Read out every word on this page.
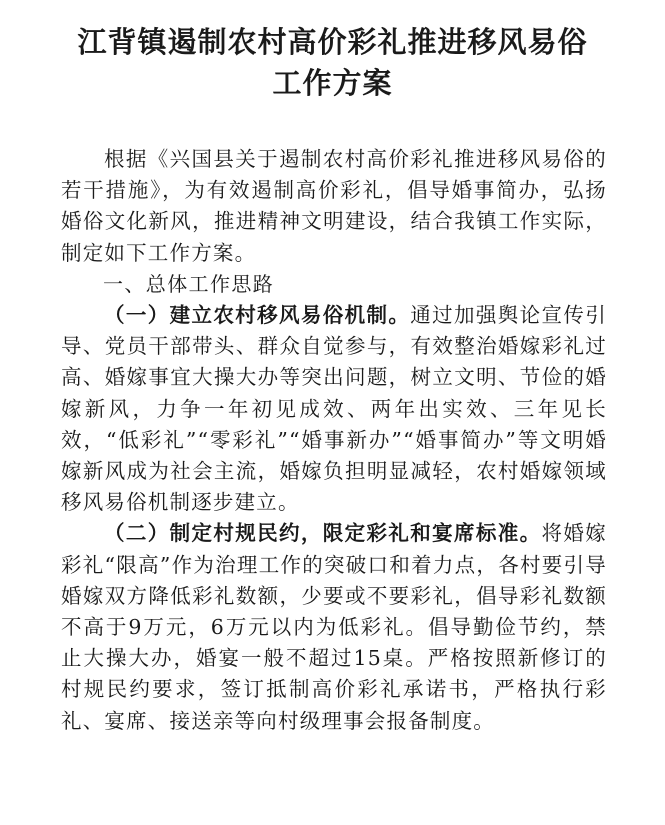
江背镇遏制农村高价彩礼推进移风易俗
工作方案

根据《兴国县关于遏制农村高价彩礼推进移风易俗的若干措施》，为有效遏制高价彩礼，倡导婚事简办，弘扬婚俗文化新风，推进精神文明建设，结合我镇工作实际，制定如下工作方案。

一、总体工作思路

（一）建立农村移风易俗机制。通过加强舆论宣传引导、党员干部带头、群众自觉参与，有效整治婚嫁彩礼过高、婚嫁事宜大操大办等突出问题，树立文明、节俭的婚嫁新风，力争一年初见成效、两年出实效、三年见长效，“低彩礼”“零彩礼”“婚事新办”“婚事简办”等文明婚嫁新风成为社会主流，婚嫁负担明显减轻，农村婚嫁领域移风易俗机制逐步建立。

（二）制定村规民约，限定彩礼和宴席标准。将婚嫁彩礼“限高”作为治理工作的突破口和着力点，各村要引导婚嫁双方降低彩礼数额，少要或不要彩礼，倡导彩礼数额不高于9万元，6万元以内为低彩礼。倡导勤俭节约，禁止大操大办，婚宴一般不超过15桌。严格按照新修订的村规民约要求，签订抵制高价彩礼承诺书，严格执行彩礼、宴席、接送亲等向村级理事会报备制度。
